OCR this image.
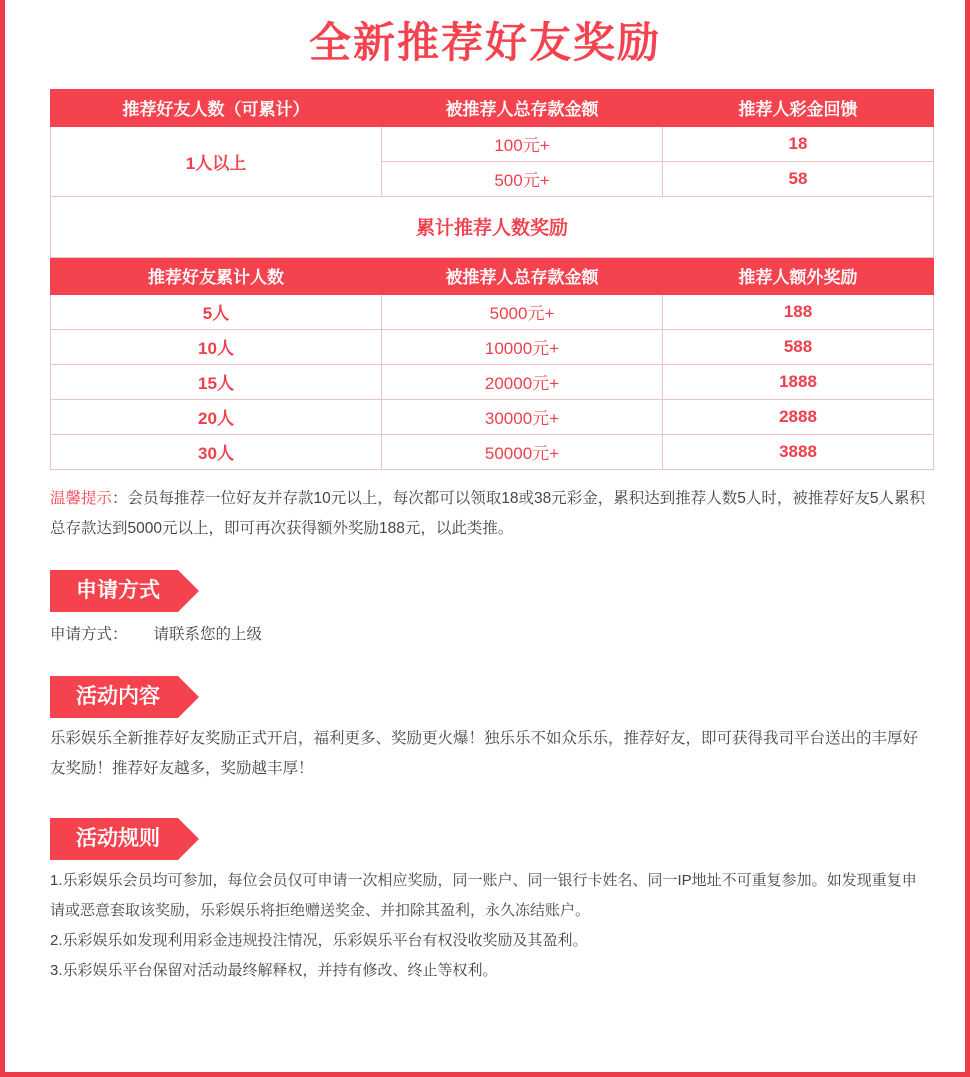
全新推荐好友奖励
推荐好友人数（可累计）	被推荐人总存款金额	推荐人彩金回馈
1人以上	100元+	18
	500元+	58
累计推荐人数奖励		
推荐好友累计人数	被推荐人总存款金额	推荐人额外奖励
5人	5000元+	188
10人	10000元+	588
15人	20000元+	1888
20人	30000元+	2888
30人	50000元+	3888
温馨提示：会员每推荐一位好友并存款10元以上，每次都可以领取18或38元彩金，累积达到推荐人数5人时，被推荐好友5人累积总存款达到5000元以上，即可再次获得额外奖励188元，以此类推。
申请方式
申请方式： 请联系您的上级
活动内容
乐彩娱乐全新推荐好友奖励正式开启，福利更多、奖励更火爆！独乐乐不如众乐乐，推荐好友，即可获得我司平台送出的丰厚好友奖励！推荐好友越多，奖励越丰厚！
活动规则

1.乐彩娱乐会员均可参加，每位会员仅可申请一次相应奖励，同一账户、同一银行卡姓名、同一IP地址不可重复参加。如发现重复申请或恶意套取该奖励，乐彩娱乐将拒绝赠送奖金、并扣除其盈利，永久冻结账户。

2.乐彩娱乐如发现利用彩金违规投注情况，乐彩娱乐平台有权没收奖励及其盈利。

3.乐彩娱乐平台保留对活动最终解释权，并持有修改、终止等权利。
